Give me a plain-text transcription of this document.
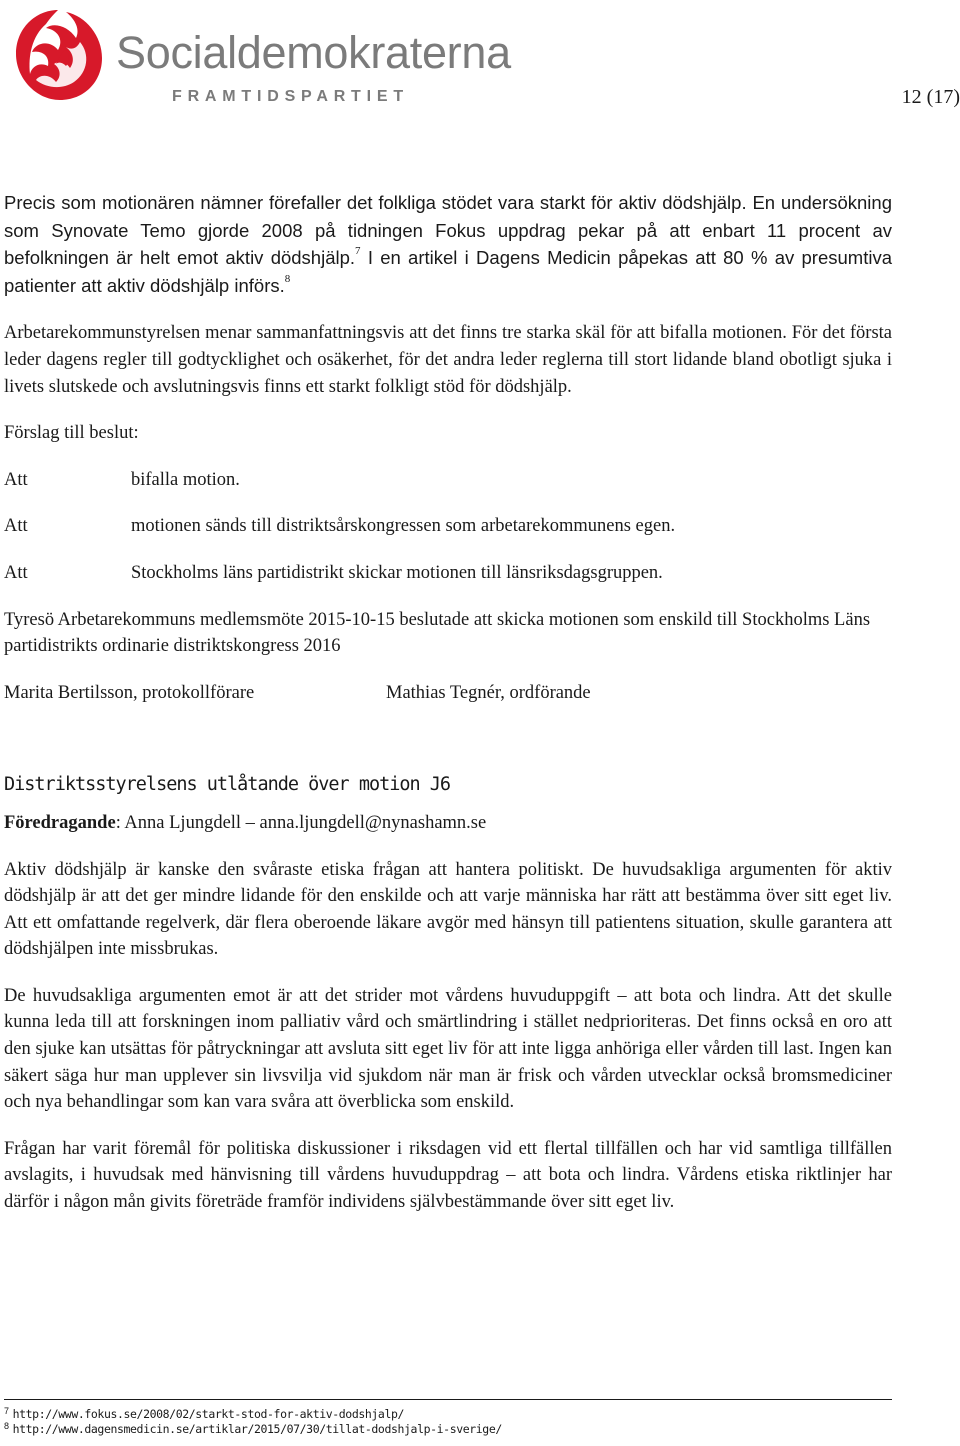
Socialdemokraterna
FRAMTIDSPARTIET	12 (17)

Precis som motionären nämner förefaller det folkliga stödet vara starkt för aktiv dödshjälp. En undersökning som Synovate Temo gjorde 2008 på tidningen Fokus uppdrag pekar på att enbart 11 procent av befolkningen är helt emot aktiv dödshjälp.$^7$ I en artikel i Dagens Medicin påpekas att 80 % av presumtiva patienter att aktiv dödshjälp införs.$^8$

Arbetarekommunstyrelsen menar sammanfattningsvis att det finns tre starka skäl för att bifalla motionen. För det första leder dagens regler till godtycklighet och osäkerhet, för det andra leder reglerna till stort lidande bland obotligt sjuka i livets slutskede och avslutningsvis finns ett starkt folkligt stöd för dödshjälp.

Förslag till beslut:

Att	bifalla motion.
Att	motionen sänds till distriktsårskongressen som arbetarekommunens egen.
Att	Stockholms läns partidistrikt skickar motionen till länsriksdagsgruppen.

Tyresö Arbetarekommuns medlemsmöte 2015-10-15 beslutade att skicka motionen som enskild till Stockholms Läns partidistrikts ordinarie distriktskongress 2016

Marita Bertilsson, protokollförare	Mathias Tegnér, ordförande
Distriktsstyrelsens utlåtande över motion J6
Föredragande: Anna Ljungdell – anna.ljungdell@nynashamn.se

Aktiv dödshjälp är kanske den svåraste etiska frågan att hantera politiskt. De huvudsakliga argumenten för aktiv dödshjälp är att det ger mindre lidande för den enskilde och att varje människa har rätt att bestämma över sitt eget liv. Att ett omfattande regelverk, där flera oberoende läkare avgör med hänsyn till patientens situation, skulle garantera att dödshjälpen inte missbrukas.

De huvudsakliga argumenten emot är att det strider mot vårdens huvuduppgift – att bota och lindra. Att det skulle kunna leda till att forskningen inom palliativ vård och smärtlindring i stället nedprioriteras. Det finns också en oro att den sjuke kan utsättas för påtryckningar att avsluta sitt eget liv för att inte ligga anhöriga eller vården till last. Ingen kan säkert säga hur man upplever sin livsvilja vid sjukdom när man är frisk och vården utvecklar också bromsmediciner och nya behandlingar som kan vara svåra att överblicka som enskild.

Frågan har varit föremål för politiska diskussioner i riksdagen vid ett flertal tillfällen och har vid samtliga tillfällen avslagits, i huvudsak med hänvisning till vårdens huvuduppdrag – att bota och lindra. Vårdens etiska riktlinjer har därför i någon mån givits företräde framför individens självbestämmande över sitt eget liv.

$^7$ http://www.fokus.se/2008/02/starkt-stod-for-aktiv-dodshjalp/
$^8$ http://www.dagensmedicin.se/artiklar/2015/07/30/tillat-dodshjalp-i-sverige/
